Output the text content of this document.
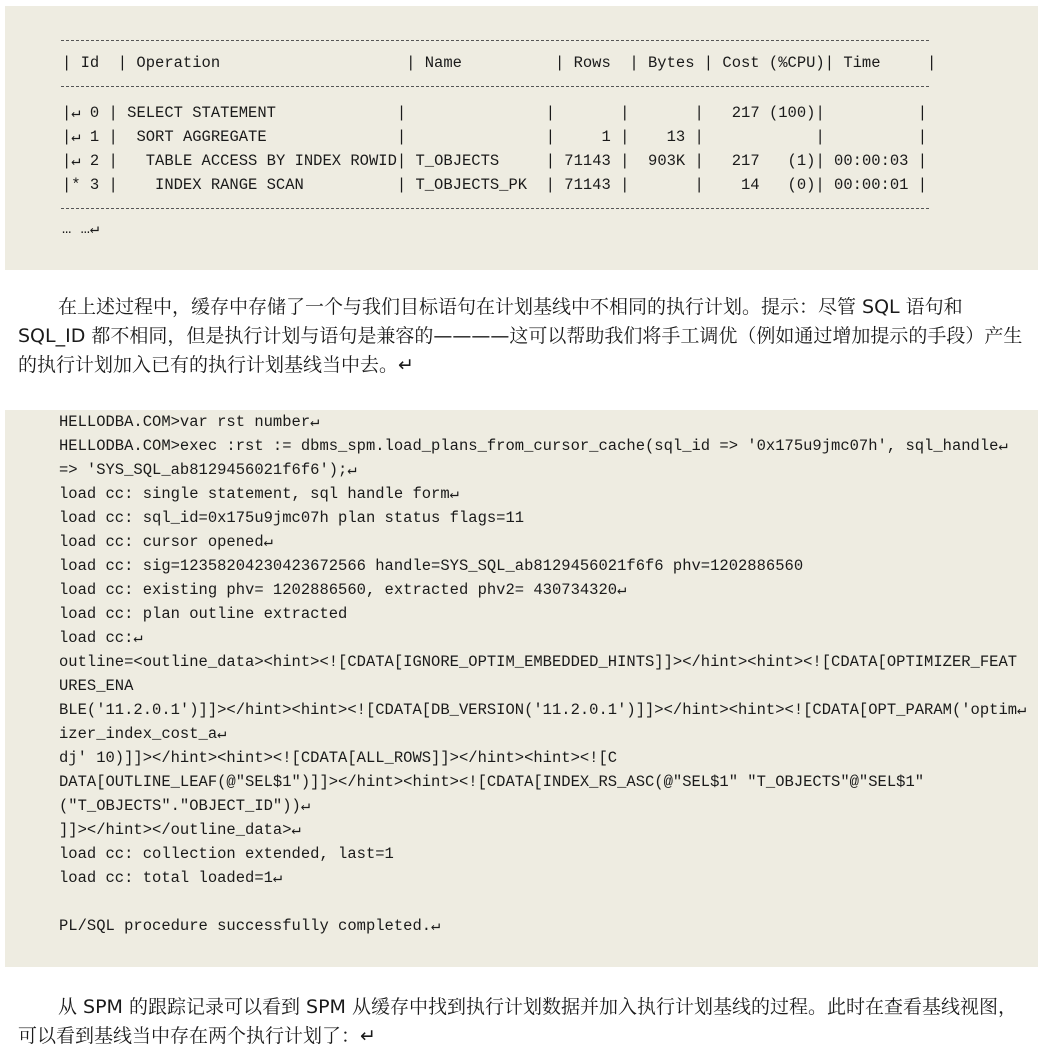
| Id  | Operation                    | Name          | Rows  | Bytes | Cost (%CPU)| Time     |
|↵ 0 | SELECT STATEMENT             |               |       |       |   217 (100)|          |
|↵ 1 |  SORT AGGREGATE              |               |     1 |    13 |            |          |
|↵ 2 |   TABLE ACCESS BY INDEX ROWID| T_OBJECTS     | 71143 |  903K |   217   (1)| 00:00:03 |
|* 3 |    INDEX RANGE SCAN          | T_OBJECTS_PK  | 71143 |       |    14   (0)| 00:00:01 |
… …↵
在上述过程中，缓存中存储了一个与我们目标语句在计划基线中不相同的执行计划。提示：尽管 SQL 语句和 SQL_ID 都不相同，但是执行计划与语句是兼容的————这可以帮助我们将手工调优（例如通过增加提示的手段）产生的执行计划加入已有的执行计划基线当中去。↵
HELLODBA.COM>var rst number↵
HELLODBA.COM>exec :rst := dbms_spm.load_plans_from_cursor_cache(sql_id => '0x175u9jmc07h', sql_handle↵
=> 'SYS_SQL_ab8129456021f6f6');↵
load cc: single statement, sql handle form↵
load cc: sql_id=0x175u9jmc07h plan status flags=11
load cc: cursor opened↵
load cc: sig=12358204230423672566 handle=SYS_SQL_ab8129456021f6f6 phv=1202886560
load cc: existing phv= 1202886560, extracted phv2= 430734320↵
load cc: plan outline extracted
load cc:↵
outline=<outline_data><hint><![CDATA[IGNORE_OPTIM_EMBEDDED_HINTS]]></hint><hint><![CDATA[OPTIMIZER_FEAT
URES_ENA
BLE('11.2.0.1')]]></hint><hint><![CDATA[DB_VERSION('11.2.0.1')]]></hint><hint><![CDATA[OPT_PARAM('optim↵
izer_index_cost_a↵
dj' 10)]]></hint><hint><![CDATA[ALL_ROWS]]></hint><hint><![C
DATA[OUTLINE_LEAF(@"SEL$1")]]></hint><hint><![CDATA[INDEX_RS_ASC(@"SEL$1" "T_OBJECTS"@"SEL$1"
("T_OBJECTS"."OBJECT_ID"))↵
]]></hint></outline_data>↵
load cc: collection extended, last=1
load cc: total loaded=1↵
PL/SQL procedure successfully completed.↵
从 SPM 的跟踪记录可以看到 SPM 从缓存中找到执行计划数据并加入执行计划基线的过程。此时在查看基线视图，可以看到基线当中存在两个执行计划了：↵
